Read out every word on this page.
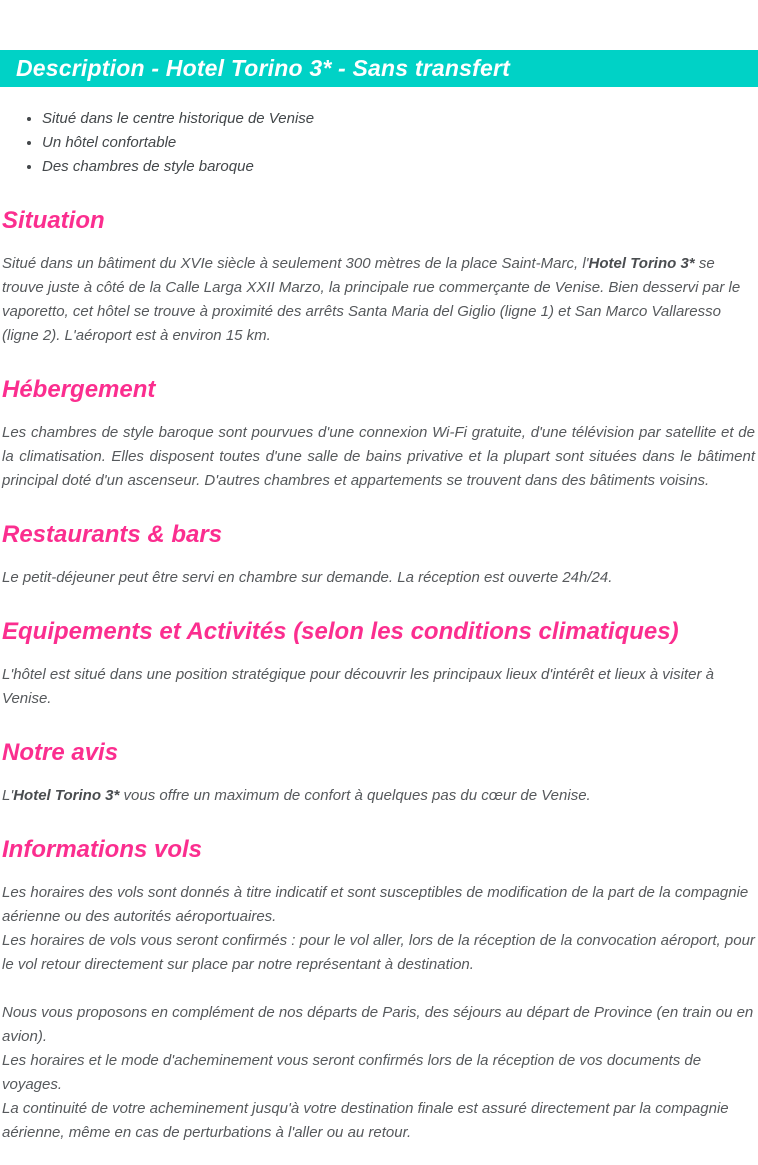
Description - Hotel Torino 3* - Sans transfert
• Situé dans le centre historique de Venise
• Un hôtel confortable
• Des chambres de style baroque
Situation

Situé dans un bâtiment du XVIe siècle à seulement 300 mètres de la place Saint-Marc, l'Hotel Torino 3* se trouve juste à côté de la Calle Larga XXII Marzo, la principale rue commerçante de Venise. Bien desservi par le vaporetto, cet hôtel se trouve à proximité des arrêts Santa Maria del Giglio (ligne 1) et San Marco Vallaresso (ligne 2). L'aéroport est à environ 15 km.

Hébergement

Les chambres de style baroque sont pourvues d'une connexion Wi-Fi gratuite, d'une télévision par satellite et de la climatisation. Elles disposent toutes d'une salle de bains privative et la plupart sont situées dans le bâtiment principal doté d'un ascenseur. D'autres chambres et appartements se trouvent dans des bâtiments voisins.

Restaurants & bars

Le petit-déjeuner peut être servi en chambre sur demande. La réception est ouverte 24h/24.

Equipements et Activités (selon les conditions climatiques)

L'hôtel est situé dans une position stratégique pour découvrir les principaux lieux d'intérêt et lieux à visiter à Venise.

Notre avis

L'Hotel Torino 3* vous offre un maximum de confort à quelques pas du cœur de Venise.

Informations vols
Les horaires des vols sont donnés à titre indicatif et sont susceptibles de modification de la part de la compagnie aérienne ou des autorités aéroportuaires.
Les horaires de vols vous seront confirmés : pour le vol aller, lors de la réception de la convocation aéroport, pour le vol retour directement sur place par notre représentant à destination.
Nous vous proposons en complément de nos départs de Paris, des séjours au départ de Province (en train ou en avion).
Les horaires et le mode d'acheminement vous seront confirmés lors de la réception de vos documents de voyages.
La continuité de votre acheminement jusqu'à votre destination finale est assuré directement par la compagnie aérienne, même en cas de perturbations à l'aller ou au retour.
